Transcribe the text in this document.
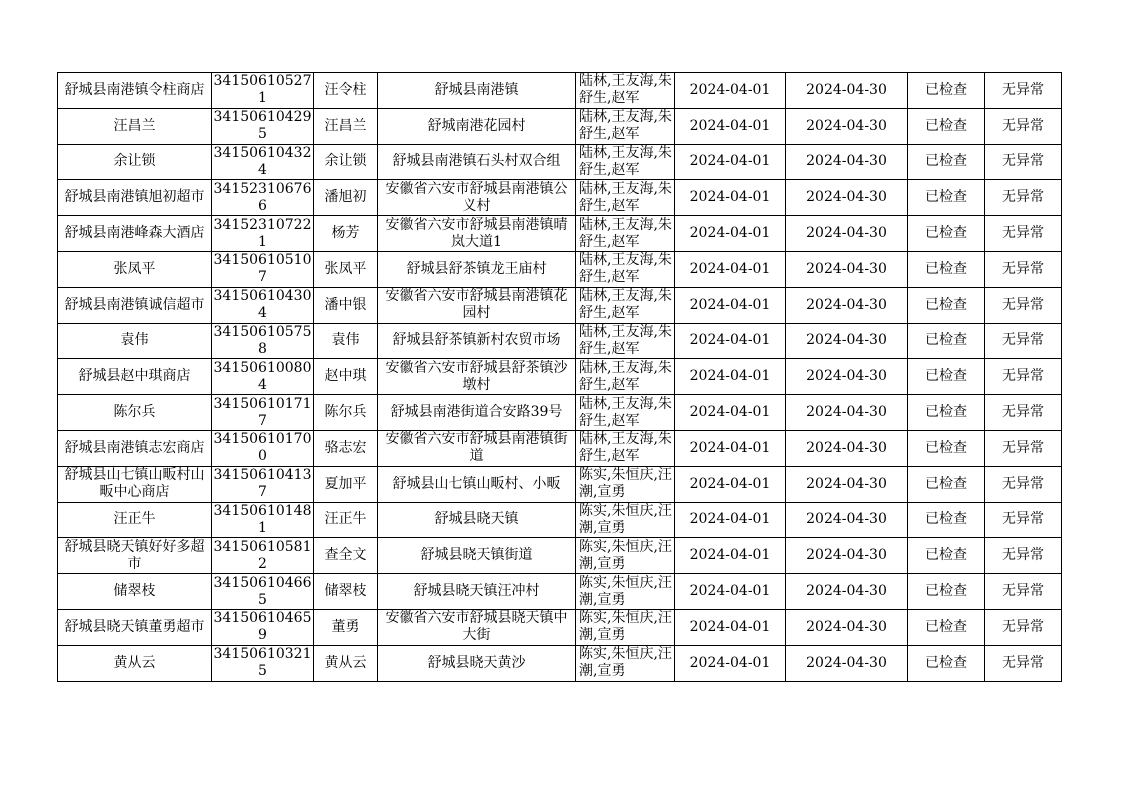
舒城县南港镇令柱商店	341506105271	汪令柱	舒城县南港镇	陆林,王友海,朱舒生,赵军	2024-04-01	2024-04-30	已检查	无异常
汪昌兰	341506104295	汪昌兰	舒城南港花园村	陆林,王友海,朱舒生,赵军	2024-04-01	2024-04-30	已检查	无异常
余让锁	341506104324	余让锁	舒城县南港镇石头村双合组	陆林,王友海,朱舒生,赵军	2024-04-01	2024-04-30	已检查	无异常
舒城县南港镇旭初超市	341523106766	潘旭初	安徽省六安市舒城县南港镇公义村	陆林,王友海,朱舒生,赵军	2024-04-01	2024-04-30	已检查	无异常
舒城县南港峰森大酒店	341523107221	杨芳	安徽省六安市舒城县南港镇晴岚大道1	陆林,王友海,朱舒生,赵军	2024-04-01	2024-04-30	已检查	无异常
张凤平	341506105107	张凤平	舒城县舒茶镇龙王庙村	陆林,王友海,朱舒生,赵军	2024-04-01	2024-04-30	已检查	无异常
舒城县南港镇诚信超市	341506104304	潘中银	安徽省六安市舒城县南港镇花园村	陆林,王友海,朱舒生,赵军	2024-04-01	2024-04-30	已检查	无异常
袁伟	341506105758	袁伟	舒城县舒茶镇新村农贸市场	陆林,王友海,朱舒生,赵军	2024-04-01	2024-04-30	已检查	无异常
舒城县赵中琪商店	341506100804	赵中琪	安徽省六安市舒城县舒茶镇沙墩村	陆林,王友海,朱舒生,赵军	2024-04-01	2024-04-30	已检查	无异常
陈尔兵	341506101717	陈尔兵	舒城县南港街道合安路39号	陆林,王友海,朱舒生,赵军	2024-04-01	2024-04-30	已检查	无异常
舒城县南港镇志宏商店	341506101700	骆志宏	安徽省六安市舒城县南港镇街道	陆林,王友海,朱舒生,赵军	2024-04-01	2024-04-30	已检查	无异常
舒城县山七镇山畈村山畈中心商店	341506104137	夏加平	舒城县山七镇山畈村、小畈	陈实,朱恒庆,汪潮,宣勇	2024-04-01	2024-04-30	已检查	无异常
汪正牛	341506101481	汪正牛	舒城县晓天镇	陈实,朱恒庆,汪潮,宣勇	2024-04-01	2024-04-30	已检查	无异常
舒城县晓天镇好好多超市	341506105812	查全文	舒城县晓天镇街道	陈实,朱恒庆,汪潮,宣勇	2024-04-01	2024-04-30	已检查	无异常
储翠枝	341506104665	储翠枝	舒城县晓天镇汪冲村	陈实,朱恒庆,汪潮,宣勇	2024-04-01	2024-04-30	已检查	无异常
舒城县晓天镇董勇超市	341506104659	董勇	安徽省六安市舒城县晓天镇中大街	陈实,朱恒庆,汪潮,宣勇	2024-04-01	2024-04-30	已检查	无异常
黄从云	341506103215	黄从云	舒城县晓天黄沙	陈实,朱恒庆,汪潮,宣勇	2024-04-01	2024-04-30	已检查	无异常
